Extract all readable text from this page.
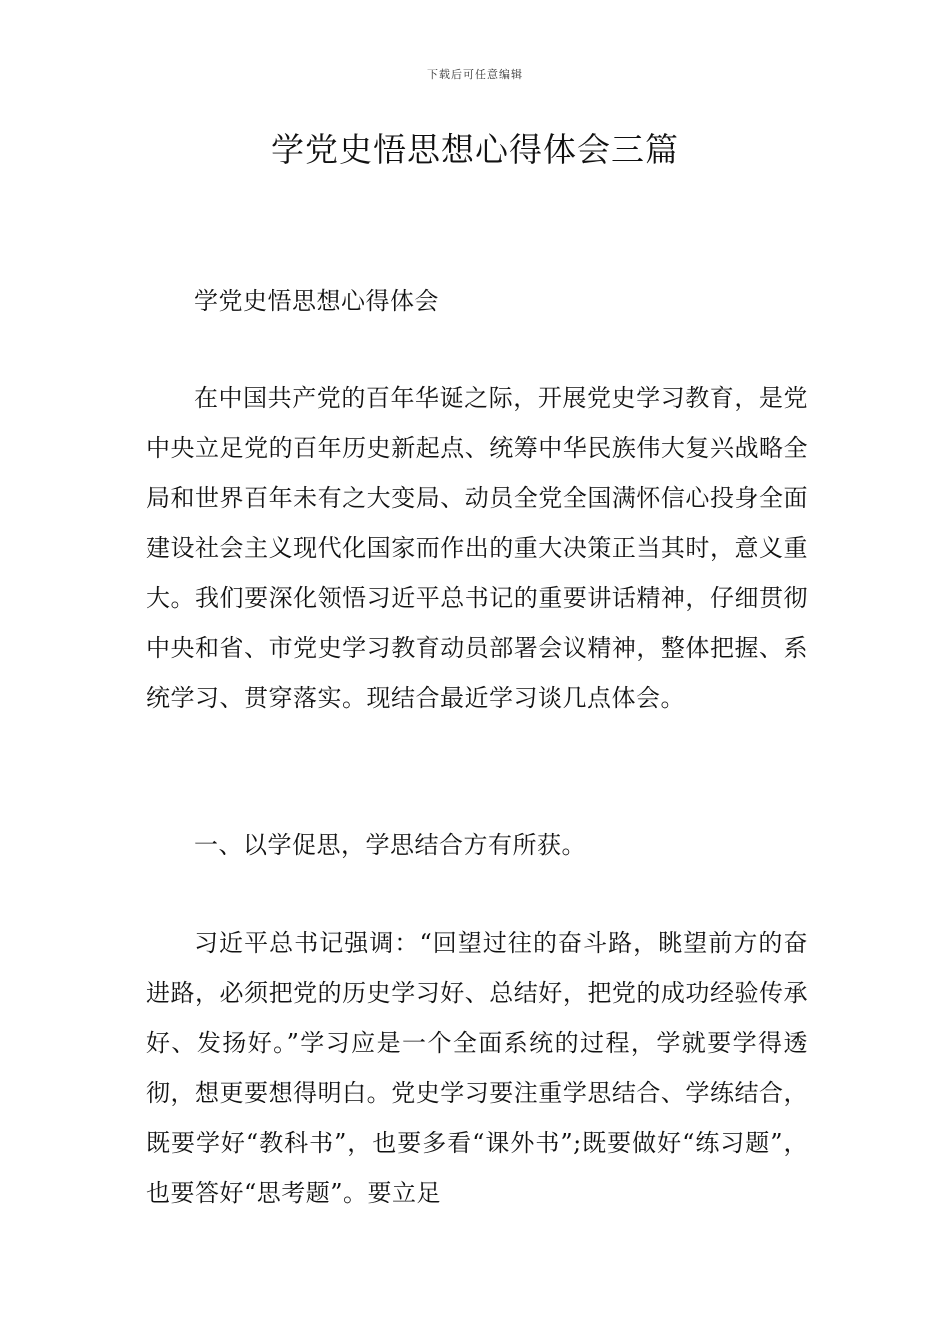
下载后可任意编辑
学党史悟思想心得体会三篇

学党史悟思想心得体会

在中国共产党的百年华诞之际，开展党史学习教育，是党中央立足党的百年历史新起点、统筹中华民族伟大复兴战略全局和世界百年未有之大变局、动员全党全国满怀信心投身全面建设社会主义现代化国家而作出的重大决策正当其时，意义重大。我们要深化领悟习近平总书记的重要讲话精神，仔细贯彻中央和省、市党史学习教育动员部署会议精神，整体把握、系统学习、贯穿落实。现结合最近学习谈几点体会。

一、以学促思，学思结合方有所获。

习近平总书记强调：“回望过往的奋斗路，眺望前方的奋进路，必须把党的历史学习好、总结好，把党的成功经验传承好、发扬好。”学习应是一个全面系统的过程，学就要学得透彻，想更要想得明白。党史学习要注重学思结合、学练结合，既要学好“教科书”，也要多看“课外书”;既要做好“练习题”，也要答好“思考题”。要立足
